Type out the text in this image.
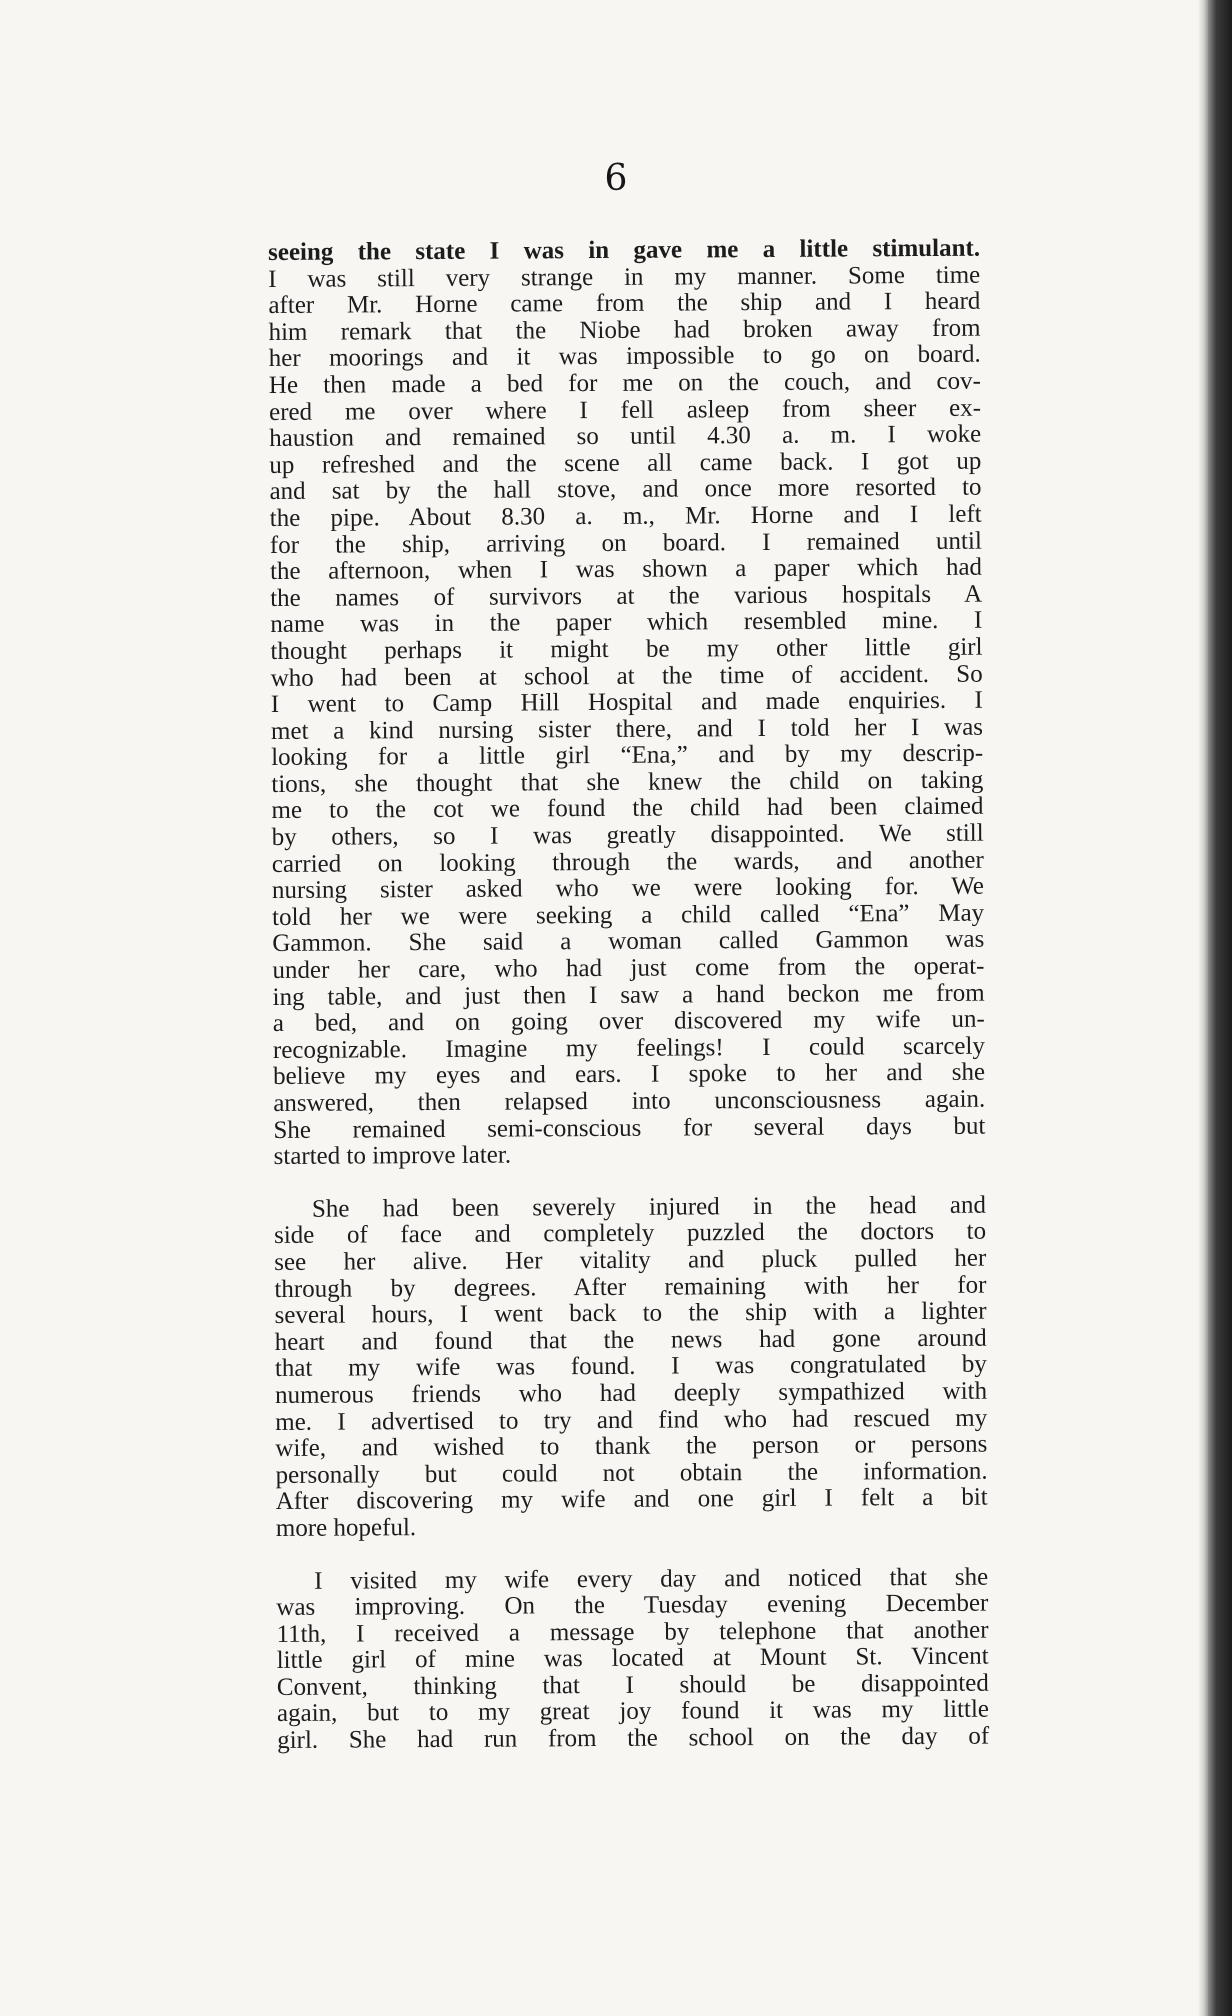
6

seeing the state I was in gave me a little stimulant.
I was still very strange in my manner. Some time
after Mr. Horne came from the ship and I heard
him remark that the Niobe had broken away from
her moorings and it was impossible to go on board.
He then made a bed for me on the couch, and cov-
ered me over where I fell asleep from sheer ex-
haustion and remained so until 4.30 a. m. I woke
up refreshed and the scene all came back. I got up
and sat by the hall stove, and once more resorted to
the pipe. About 8.30 a. m., Mr. Horne and I left
for the ship, arriving on board. I remained until
the afternoon, when I was shown a paper which had
the names of survivors at the various hospitals A
name was in the paper which resembled mine. I
thought perhaps it might be my other little girl
who had been at school at the time of accident. So
I went to Camp Hill Hospital and made enquiries. I
met a kind nursing sister there, and I told her I was
looking for a little girl “Ena,” and by my descrip-
tions, she thought that she knew the child on taking
me to the cot we found the child had been claimed
by others, so I was greatly disappointed. We still
carried on looking through the wards, and another
nursing sister asked who we were looking for. We
told her we were seeking a child called “Ena” May
Gammon. She said a woman called Gammon was
under her care, who had just come from the operat-
ing table, and just then I saw a hand beckon me from
a bed, and on going over discovered my wife un-
recognizable. Imagine my feelings! I could scarcely
believe my eyes and ears. I spoke to her and she
answered, then relapsed into unconsciousness again.
She remained semi-conscious for several days but
started to improve later.

She had been severely injured in the head and
side of face and completely puzzled the doctors to
see her alive. Her vitality and pluck pulled her
through by degrees. After remaining with her for
several hours, I went back to the ship with a lighter
heart and found that the news had gone around
that my wife was found. I was congratulated by
numerous friends who had deeply sympathized with
me. I advertised to try and find who had rescued my
wife, and wished to thank the person or persons
personally but could not obtain the information.
After discovering my wife and one girl I felt a bit
more hopeful.

I visited my wife every day and noticed that she
was improving. On the Tuesday evening December
11th, I received a message by telephone that another
little girl of mine was located at Mount St. Vincent
Convent, thinking that I should be disappointed
again, but to my great joy found it was my little
girl. She had run from the school on the day of
